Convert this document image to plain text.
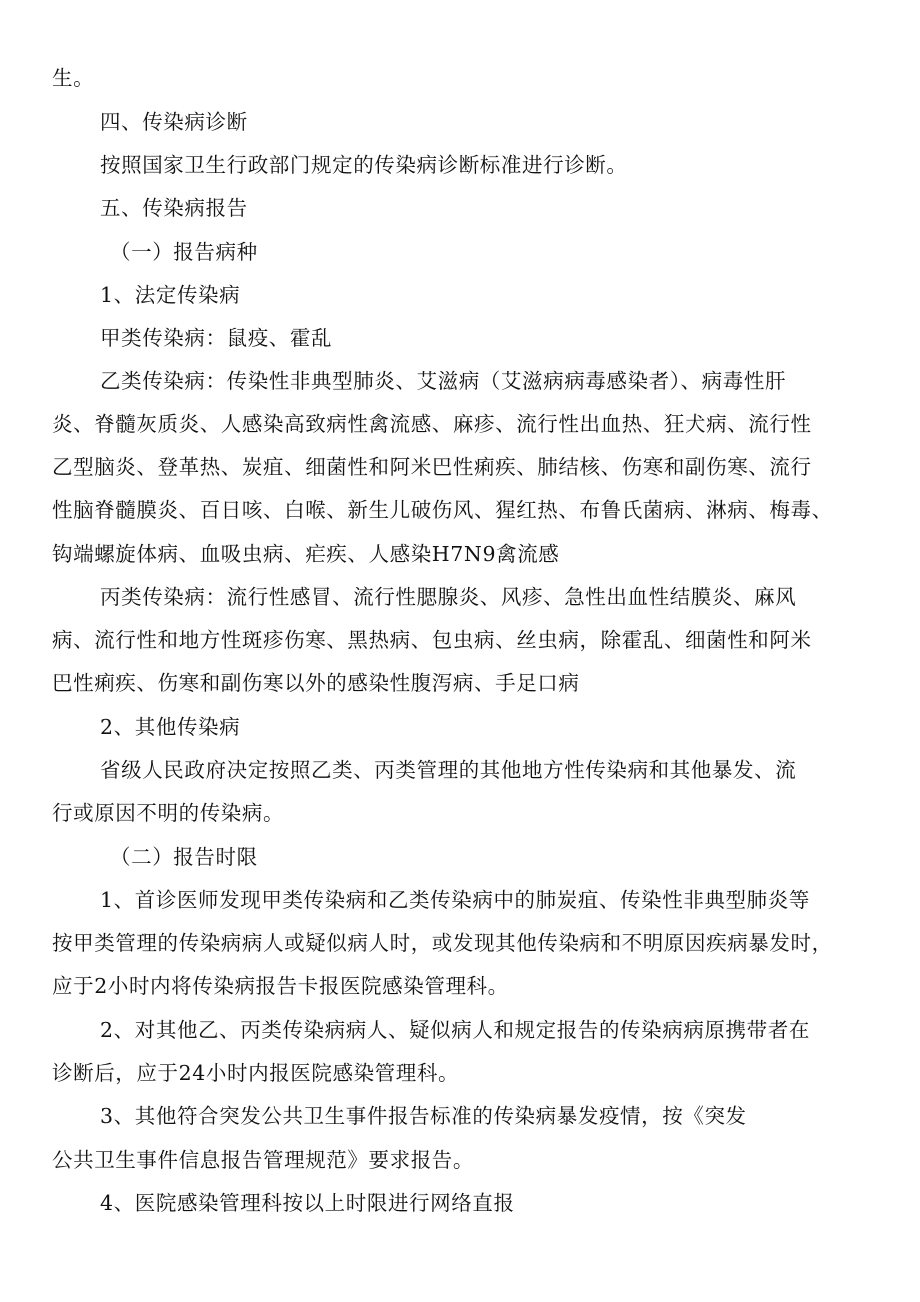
生。

四、传染病诊断

按照国家卫生行政部门规定的传染病诊断标准进行诊断。

五、传染病报告

（一）报告病种

1、法定传染病

甲类传染病：鼠疫、霍乱

乙类传染病：传染性非典型肺炎、艾滋病（艾滋病病毒感染者）、病毒性肝

炎、脊髓灰质炎、人感染高致病性禽流感、麻疹、流行性出血热、狂犬病、流行性

乙型脑炎、登革热、炭疽、细菌性和阿米巴性痢疾、肺结核、伤寒和副伤寒、流行

性脑脊髓膜炎、百日咳、白喉、新生儿破伤风、猩红热、布鲁氏菌病、淋病、梅毒、

钩端螺旋体病、血吸虫病、疟疾、人感染H7N9禽流感

丙类传染病：流行性感冒、流行性腮腺炎、风疹、急性出血性结膜炎、麻风

病、流行性和地方性斑疹伤寒、黑热病、包虫病、丝虫病，除霍乱、细菌性和阿米

巴性痢疾、伤寒和副伤寒以外的感染性腹泻病、手足口病

2、其他传染病

省级人民政府决定按照乙类、丙类管理的其他地方性传染病和其他暴发、流

行或原因不明的传染病。

（二）报告时限

1、首诊医师发现甲类传染病和乙类传染病中的肺炭疽、传染性非典型肺炎等

按甲类管理的传染病病人或疑似病人时，或发现其他传染病和不明原因疾病暴发时，

应于2小时内将传染病报告卡报医院感染管理科。

2、对其他乙、丙类传染病病人、疑似病人和规定报告的传染病病原携带者在

诊断后，应于24小时内报医院感染管理科。

3、其他符合突发公共卫生事件报告标准的传染病暴发疫情，按《突发

公共卫生事件信息报告管理规范》要求报告。

4、医院感染管理科按以上时限进行网络直报
